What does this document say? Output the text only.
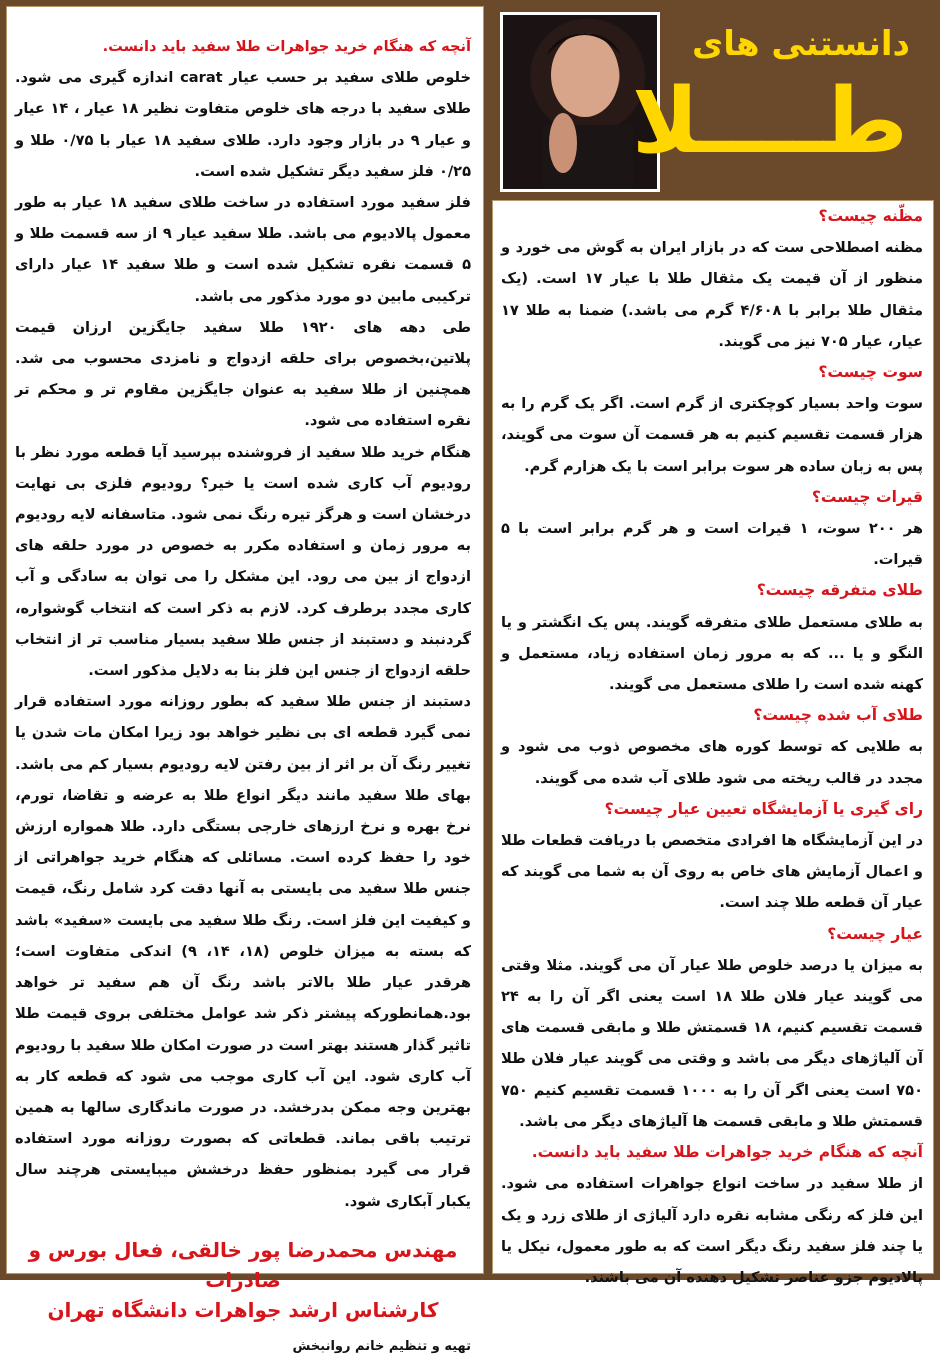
دانستنی های
طــــلا

آنچه که هنگام خرید جواهرات طلا سفید باید دانست.

خلوص طلای سفید بر حسب عیار carat اندازه گیری می شود. طلای سفید با درجه های خلوص متفاوت نظیر ۱۸ عیار ، ۱۴ عیار و عیار ۹ در بازار وجود دارد. طلای سفید ۱۸ عیار با ۰/۷۵ طلا و ۰/۲۵ فلز سفید دیگر تشکیل شده است.

فلز سفید مورد استفاده در ساخت طلای سفید ۱۸ عیار به طور معمول پالادیوم می باشد. طلا سفید عیار ۹ از سه قسمت طلا و ۵ قسمت نقره تشکیل شده است و طلا سفید ۱۴ عیار دارای ترکیبی مابین دو مورد مذکور می باشد.

طی دهه های ۱۹۲۰ طلا سفید جایگزین ارزان قیمت پلاتین،بخصوص برای حلقه ازدواج و نامزدی محسوب می شد. همچنین از طلا سفید به عنوان جایگزین مقاوم تر و محکم تر نقره استفاده می شود.

هنگام خرید طلا سفید از فروشنده بپرسید آیا قطعه مورد نظر با رودیوم آب کاری شده است یا خیر؟ رودیوم فلزی بی نهایت درخشان است و هرگز تیره رنگ نمی شود. متاسفانه لایه رودیوم به مرور زمان و استفاده مکرر به خصوص در مورد حلقه های ازدواج از بین می رود. این مشکل را می توان به سادگی و آب کاری مجدد برطرف کرد. لازم به ذکر است که انتخاب گوشواره، گردنبند و دستبند از جنس طلا سفید بسیار مناسب تر از انتخاب حلقه ازدواج از جنس این فلز بنا به دلایل مذکور است.

دستبند از جنس طلا سفید که بطور روزانه مورد استفاده قرار نمی گیرد قطعه ای بی نظیر خواهد بود زیرا امکان مات شدن یا تغییر رنگ آن بر اثر از بین رفتن لایه رودیوم بسیار کم می باشد. بهای طلا سفید مانند دیگر انواع طلا به عرضه و تقاضا، تورم، نرخ بهره و نرخ ارزهای خارجی بستگی دارد. طلا همواره ارزش خود را حفظ کرده است. مسائلی که هنگام خرید جواهراتی از جنس طلا سفید می بایستی به آنها دقت کرد شامل رنگ، قیمت و کیفیت این فلز است. رنگ طلا سفید می بایست «سفید» باشد که بسته به میزان خلوص (۱۸، ۱۴، ۹) اندکی متفاوت است؛هرقدر عیار طلا بالاتر باشد رنگ آن هم سفید تر خواهد بود.همانطورکه پیشتر ذکر شد عوامل مختلفی بروی قیمت طلا تاثیر گذار هستند بهتر است در صورت امکان طلا سفید با رودیوم آب کاری شود. این آب کاری موجب می شود که قطعه کار به بهترین وجه ممکن بدرخشد. در صورت ماندگاری سالها به همین ترتیب باقی بماند. قطعاتی که بصورت روزانه مورد استفاده قرار می گیرد بمنظور حفظ درخشش میبایستی هرچند سال یکبار آبکاری شود.

مهندس محمدرضا پور خالقی، فعال بورس و صادرات
کارشناس ارشد جواهرات دانشگاه تهران
تهیه و تنظیم خانم روانبخش

مظّنه چیست؟

مظنه اصطلاحی ست که در بازار ایران به گوش می خورد و منظور از آن قیمت یک مثقال طلا با عیار ۱۷ است. (یک مثقال طلا برابر با ۴/۶۰۸ گرم می باشد.) ضمنا به طلا ۱۷ عیار، عیار ۷۰۵ نیز می گویند.

سوت چیست؟

سوت واحد بسیار کوچکتری از گرم است. اگر یک گرم را به هزار قسمت تقسیم کنیم به هر قسمت آن سوت می گویند، پس به زبان ساده هر سوت برابر است با یک هزارم گرم.

قیرات چیست؟

هر ۲۰۰ سوت، ۱ قیرات است و هر گرم برابر است با ۵ قیرات.

طلای متفرقه چیست؟

به طلای مستعمل طلای متفرقه گویند. پس یک انگشتر و یا النگو و یا ... که به مرور زمان استفاده زیاد، مستعمل و کهنه شده است را طلای مستعمل می گویند.

طلای آب شده چیست؟

به طلایی که توسط کوره های مخصوص ذوب می شود و مجدد در قالب ریخته می شود طلای آب شده می گویند.

رای گیری یا آزمایشگاه تعیین عیار چیست؟

در این آزمایشگاه ها افرادی متخصص با دریافت قطعات طلا و اعمال آزمایش های خاص به روی آن به شما می گویند که عیار آن قطعه طلا چند است.

عیار چیست؟

به میزان یا درصد خلوص طلا عیار آن می گویند. مثلا وقتی می گویند عیار فلان طلا ۱۸ است یعنی اگر آن را به ۲۴ قسمت تقسیم کنیم، ۱۸ قسمتش طلا و مابقی قسمت های آن آلیاژهای دیگر می باشد و وقتی می گویند عیار فلان طلا ۷۵۰ است یعنی اگر آن را به ۱۰۰۰ قسمت تقسیم کنیم ۷۵۰ قسمتش طلا و مابقی قسمت ها آلیاژهای دیگر می باشد.

آنچه که هنگام خرید جواهرات طلا سفید باید دانست.

از طلا سفید در ساخت انواع جواهرات استفاده می شود. این فلز که رنگی مشابه نقره دارد آلیاژی از طلای زرد و یک یا چند فلز سفید رنگ دیگر است که به طور معمول، نیکل یا پالادیوم جزو عناصر تشکیل دهنده آن می باشند.
